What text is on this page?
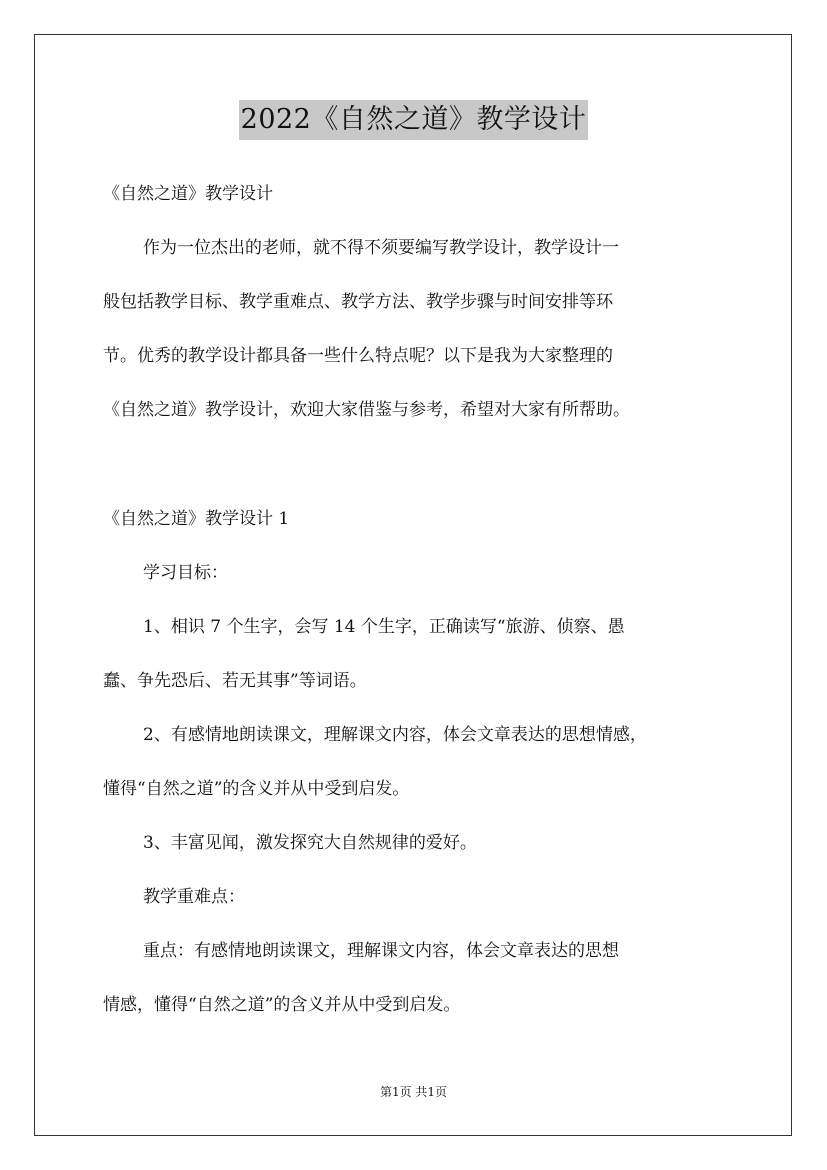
2022《自然之道》教学设计
《自然之道》教学设计
作为一位杰出的老师，就不得不须要编写教学设计，教学设计一
般包括教学目标、教学重难点、教学方法、教学步骤与时间安排等环
节。优秀的教学设计都具备一些什么特点呢？以下是我为大家整理的
《自然之道》教学设计，欢迎大家借鉴与参考，希望对大家有所帮助。
《自然之道》教学设计 1
学习目标：
1、相识 7 个生字，会写 14 个生字，正确读写“旅游、侦察、愚
蠢、争先恐后、若无其事”等词语。
2、有感情地朗读课文，理解课文内容，体会文章表达的思想情感，
懂得“自然之道”的含义并从中受到启发。
3、丰富见闻，激发探究大自然规律的爱好。
教学重难点：
重点：有感情地朗读课文，理解课文内容，体会文章表达的思想
情感，懂得“自然之道”的含义并从中受到启发。
第1页 共1页
